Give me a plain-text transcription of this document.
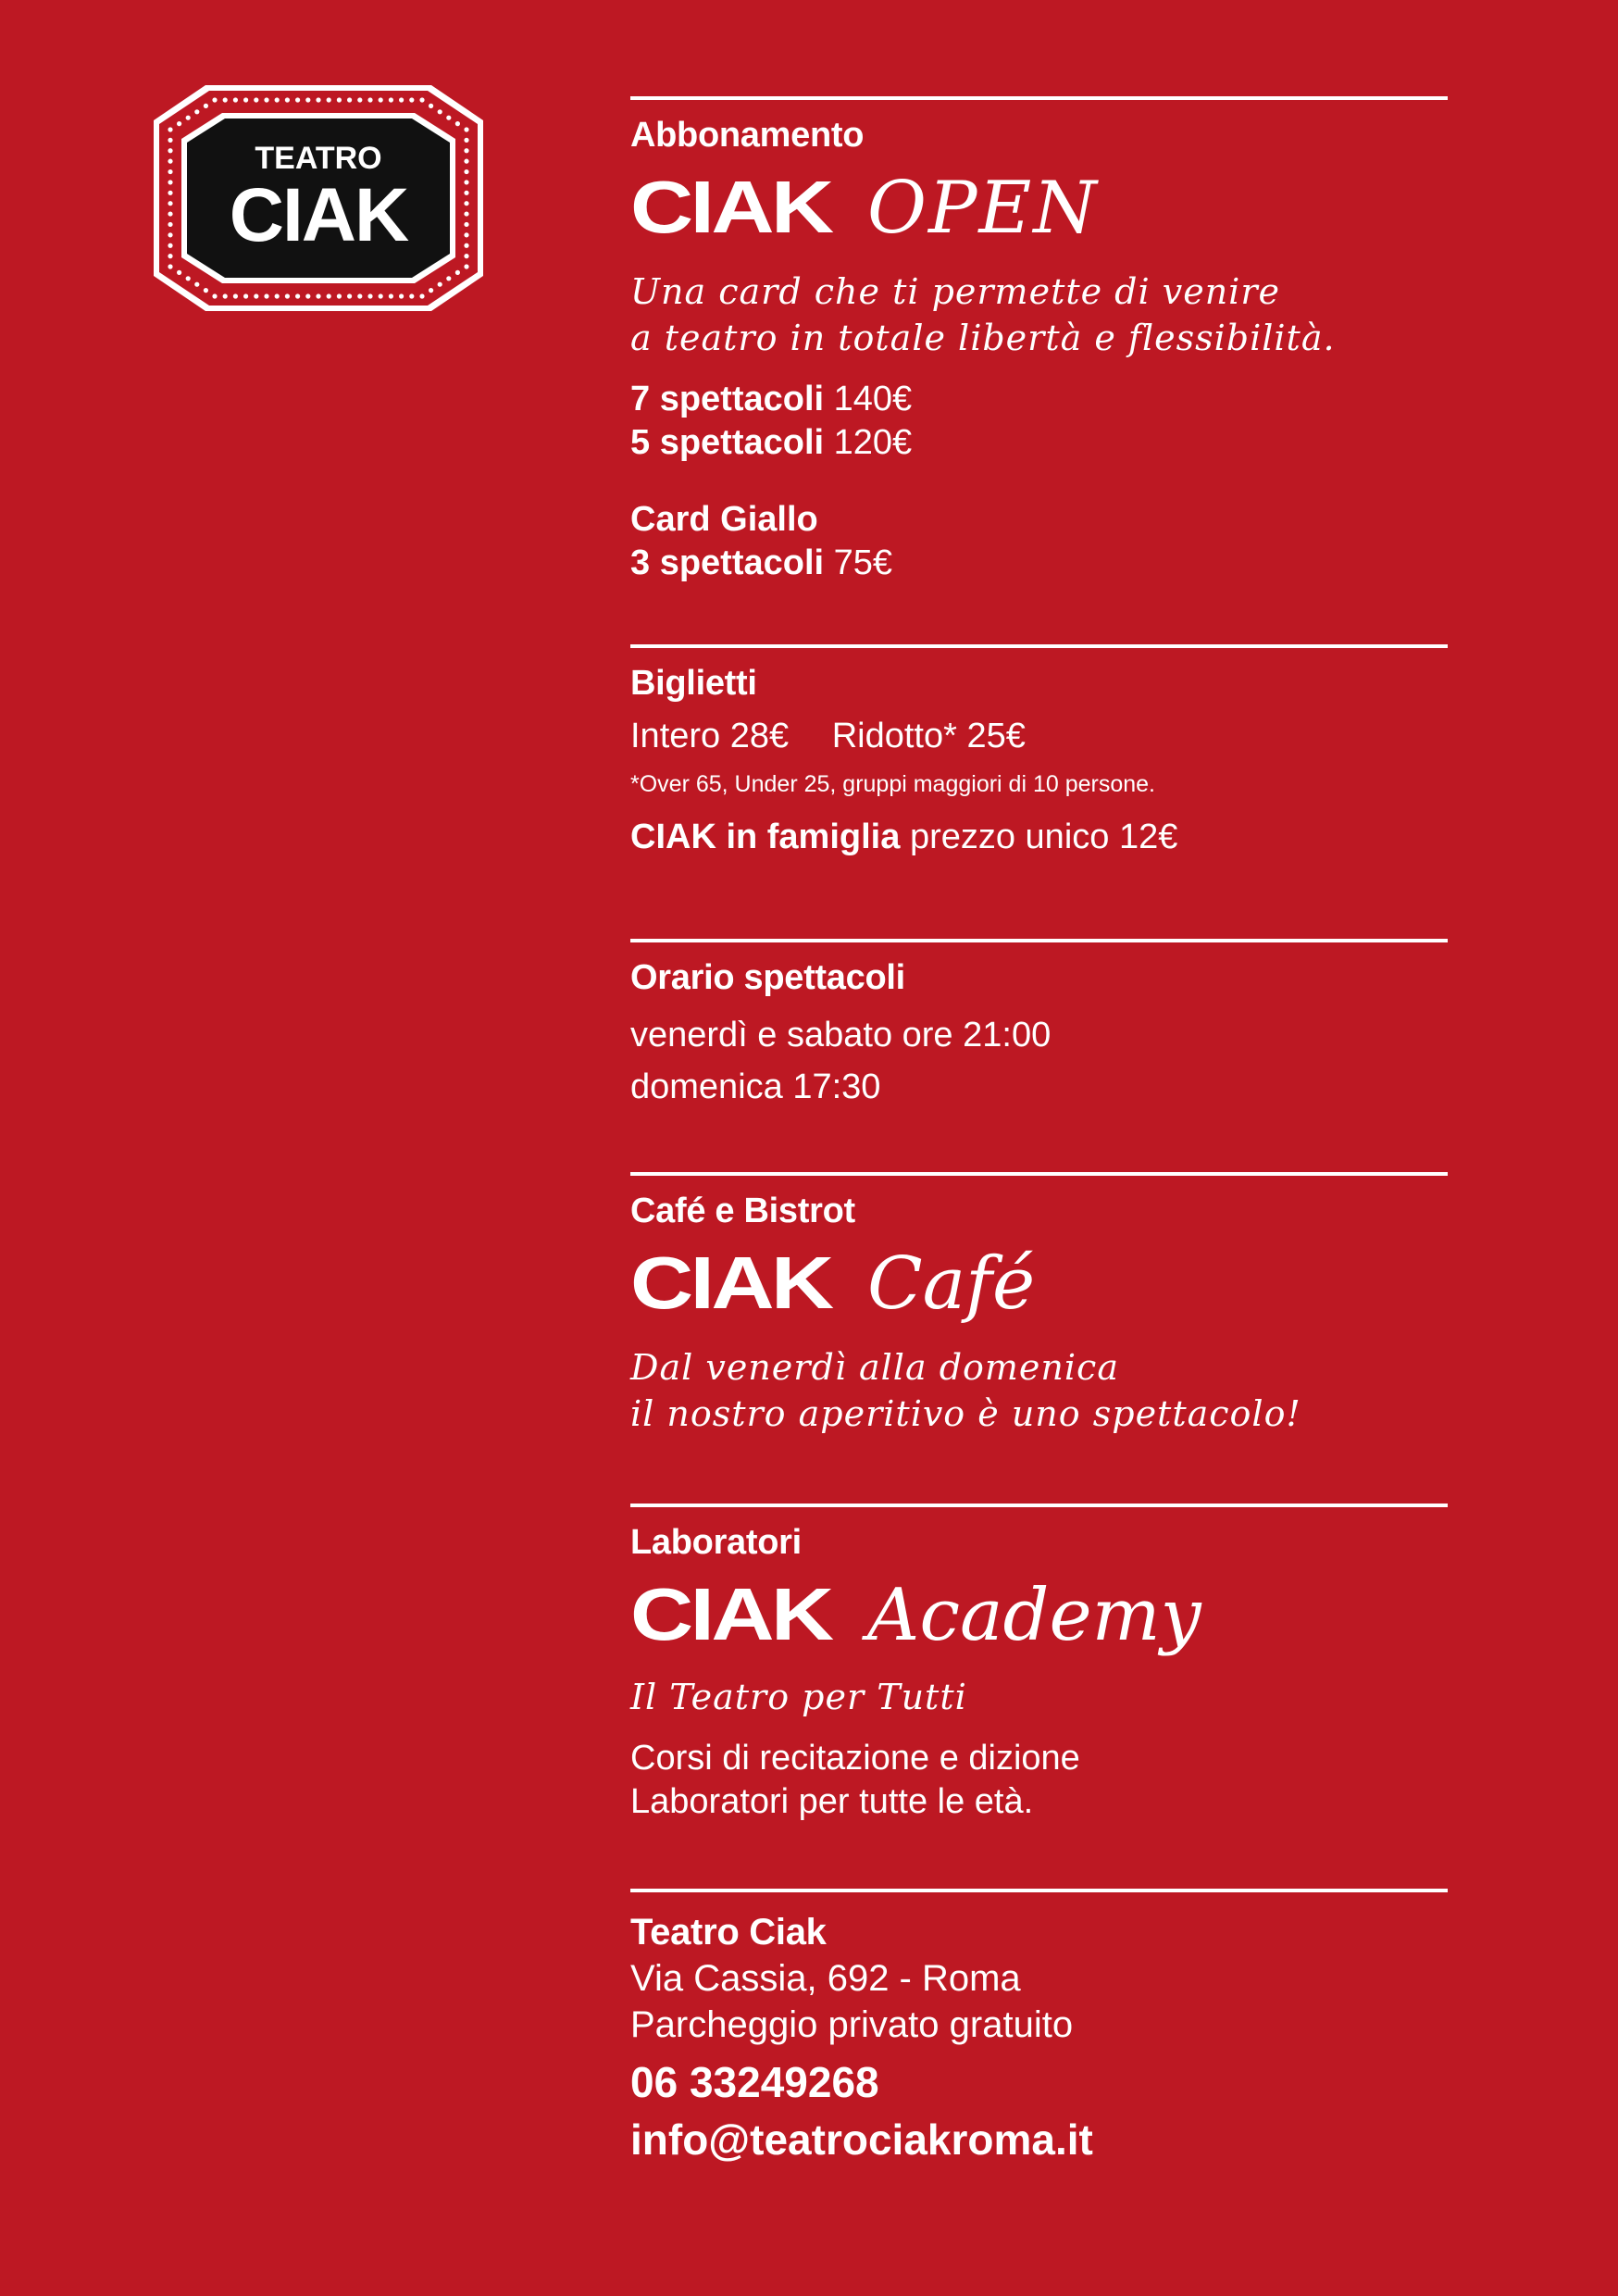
TEATRO
CIAK
Abbonamento
CIAK OPEN
Una card che ti permette di venire
a teatro in totale libertà e flessibilità.
7 spettacoli 140€
5 spettacoli 120€
Card Giallo
3 spettacoli 75€
Biglietti
Intero 28€ Ridotto* 25€
*Over 65, Under 25, gruppi maggiori di 10 persone.
CIAK in famiglia prezzo unico 12€
Orario spettacoli
venerdì e sabato ore 21:00
domenica 17:30
Café e Bistrot
CIAK Café
Dal venerdì alla domenica
il nostro aperitivo è uno spettacolo!
Laboratori
CIAK Academy
Il Teatro per Tutti
Corsi di recitazione e dizione
Laboratori per tutte le età.
Teatro Ciak
Via Cassia, 692 - Roma
Parcheggio privato gratuito
06 33249268
info@teatrociakroma.it
